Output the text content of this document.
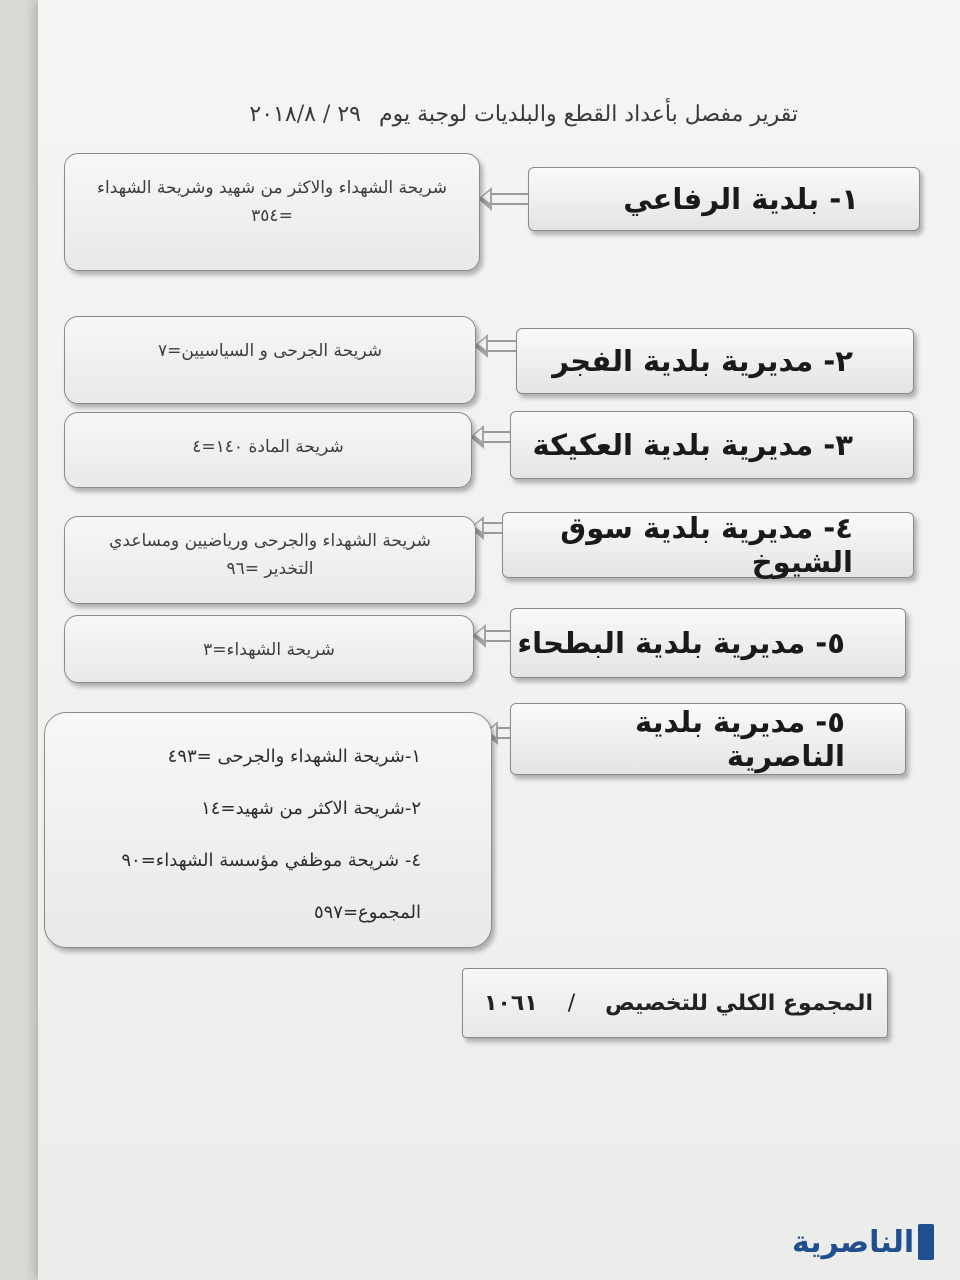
تقرير مفصل بأعداد القطع والبلديات لوجبة يوم٢٩ / ٢٠١٨/٨
١- بلدية الرفاعي
شريحة الشهداء والاكثر من شهيد وشريحة الشهداء =٣٥٤
٢- مديرية بلدية الفجر
شريحة الجرحى و السياسيين=٧
٣- مديرية بلدية العكيكة
شريحة المادة ١٤٠=٤
٤- مديرية بلدية سوق الشيوخ
شريحة الشهداء والجرحى ورياضيين ومساعدي التخدير =٩٦
٥- مديرية بلدية البطحاء
شريحة الشهداء=٣
٥- مديرية بلدية الناصرية
١-شريحة الشهداء والجرحى =٤٩٣
٢-شريحة الاكثر من شهيد=١٤
٤- شريحة موظفي مؤسسة الشهداء=٩٠
المجموع=٥٩٧
المجموع الكلي للتخصيص
/
١٠٦١
الناصرية
